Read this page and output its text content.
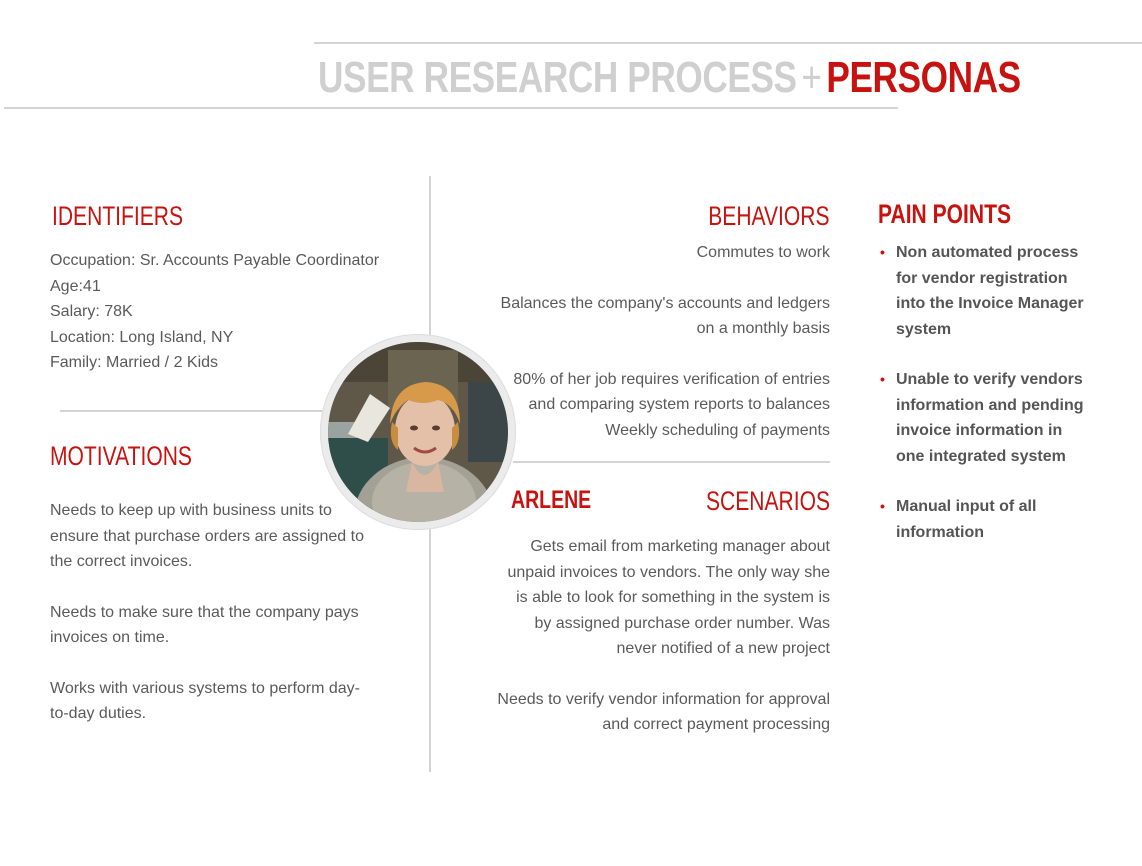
USER RESEARCH PROCESS + PERSONAS
IDENTIFIERS
Occupation: Sr. Accounts Payable Coordinator
Age:41
Salary: 78K
Location: Long Island, NY
Family: Married / 2 Kids
MOTIVATIONS
Needs to keep up with business units to
ensure that purchase orders are assigned to
the correct invoices.
Needs to make sure that the company pays
invoices on time.
Works with various systems to perform day-
to-day duties.
BEHAVIORS
Commutes to work
Balances the company's accounts and ledgers
on a monthly basis
80% of her job requires verification of entries
and comparing system reports to balances
Weekly scheduling of payments
ARLENE	SCENARIOS
Gets email from marketing manager about
unpaid invoices to vendors. The only way she
is able to look for something in the system is
by assigned purchase order number. Was
never notified of a new project
Needs to verify vendor information for approval
and correct payment processing
PAIN POINTS
• Non automated process
for vendor registration
into the Invoice Manager
system
• Unable to verify vendors
information and pending
invoice information in
one integrated system
• Manual input of all
information
